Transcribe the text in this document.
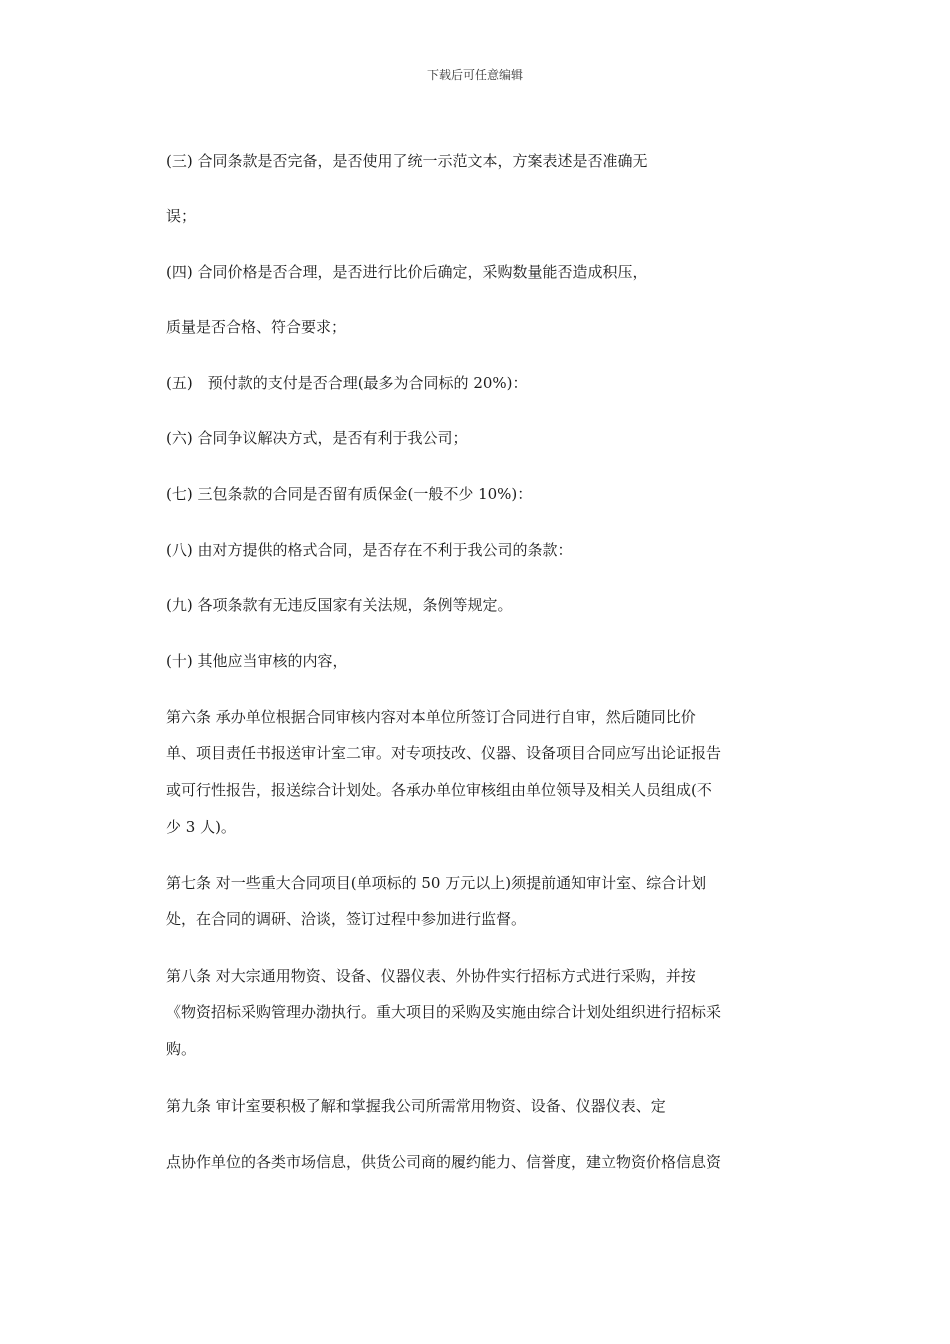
下载后可任意编辑
(三) 合同条款是否完备，是否使用了统一示范文本，方案表述是否准确无
误；
(四) 合同价格是否合理，是否进行比价后确定，采购数量能否造成积压，
质量是否合格、符合要求；
(五)　预付款的支付是否合理(最多为合同标的 20%)：
(六) 合同争议解决方式，是否有利于我公司；
(七) 三包条款的合同是否留有质保金(一般不少 10%)：
(八) 由对方提供的格式合同，是否存在不利于我公司的条款：
(九) 各项条款有无违反国家有关法规，条例等规定。
(十) 其他应当审核的内容，
第六条 承办单位根据合同审核内容对本单位所签订合同进行自审，然后随同比价
单、项目责任书报送审计室二审。对专项技改、仪器、设备项目合同应写出论证报告
或可行性报告，报送综合计划处。各承办单位审核组由单位领导及相关人员组成(不
少 3 人)。
第七条 对一些重大合同项目(单项标的 50 万元以上)须提前通知审计室、综合计划
处，在合同的调研、洽谈，签订过程中参加进行监督。
第八条 对大宗通用物资、设备、仪器仪表、外协件实行招标方式进行采购，并按
《物资招标采购管理办渤执行。重大项目的采购及实施由综合计划处组织进行招标采
购。
第九条 审计室要积极了解和掌握我公司所需常用物资、设备、仪器仪表、定
点协作单位的各类市场信息，供货公司商的履约能力、信誉度，建立物资价格信息资
